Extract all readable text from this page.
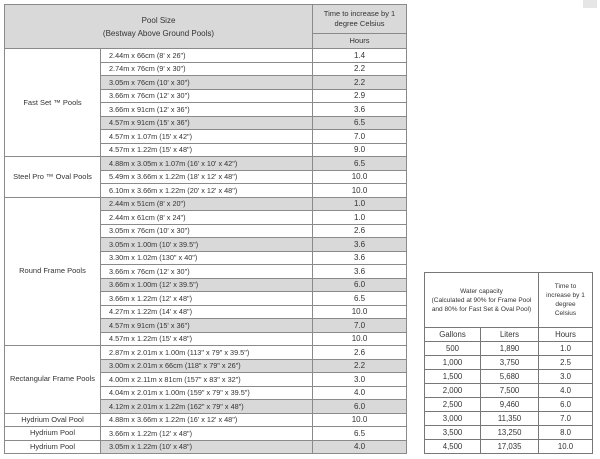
Pool Size
(Bestway Above Ground Pools)		Time to increase by 1 degree Celsius
		Hours
Fast Set ™ Pools	2.44m x 66cm (8' x 26")	1.4
	2.74m x 76cm (9' x 30")	2.2
	3.05m x 76cm (10' x 30")	2.2
	3.66m x 76cm (12' x 30")	2.9
	3.66m x 91cm (12' x 36")	3.6
	4.57m x 91cm (15' x 36")	6.5
	4.57m x 1.07m (15' x 42")	7.0
	4.57m x 1.22m (15' x 48")	9.0
Steel Pro ™ Oval Pools	4.88m x 3.05m x 1.07m (16' x 10' x 42")	6.5
	5.49m x 3.66m x 1.22m (18' x 12' x 48")	10.0
	6.10m x 3.66m x 1.22m (20' x 12' x 48")	10.0
Round Frame Pools	2.44m x 51cm (8' x 20")	1.0
	2.44m x 61cm (8' x 24")	1.0
	3.05m x 76cm (10' x 30")	2.6
	3.05m x 1.00m (10' x 39.5")	3.6
	3.30m x 1.02m (130" x 40")	3.6
	3.66m x 76cm (12' x 30")	3.6
	3.66m x 1.00m (12' x 39.5")	6.0
	3.66m x 1.22m (12' x 48")	6.5
	4.27m x 1.22m (14' x 48")	10.0
	4.57m x 91cm (15' x 36")	7.0
	4.57m x 1.22m (15' x 48")	10.0
Rectangular Frame Pools	2.87m x 2.01m x 1.00m (113" x 79" x 39.5")	2.6
	3.00m x 2.01m x 66cm (118" x 79" x 26")	2.2
	4.00m x 2.11m x 81cm (157" x 83" x 32")	3.0
	4.04m x 2.01m x 1.00m (159" x 79" x 39.5")	4.0
	4.12m x 2.01m x 1.22m (162" x 79" x 48")	6.0
Hydrium Oval Pool	4.88m x 3.66m x 1.22m (16' x 12' x 48")	10.0
Hydrium Pool	3.66m x 1.22m (12' x 48")	6.5
Hydrium Pool	3.05m x 1.22m (10' x 48")	4.0
Water capacity
(Calculated at 90% for Frame Pool and 80% for Fast Set & Oval Pool)		Time to increase by 1 degree Celsius
Gallons	Liters	Hours
500	1,890	1.0
1,000	3,750	2.5
1,500	5,680	3.0
2,000	7,500	4.0
2,500	9,460	6.0
3,000	11,350	7.0
3,500	13,250	8.0
4,500	17,035	10.0
